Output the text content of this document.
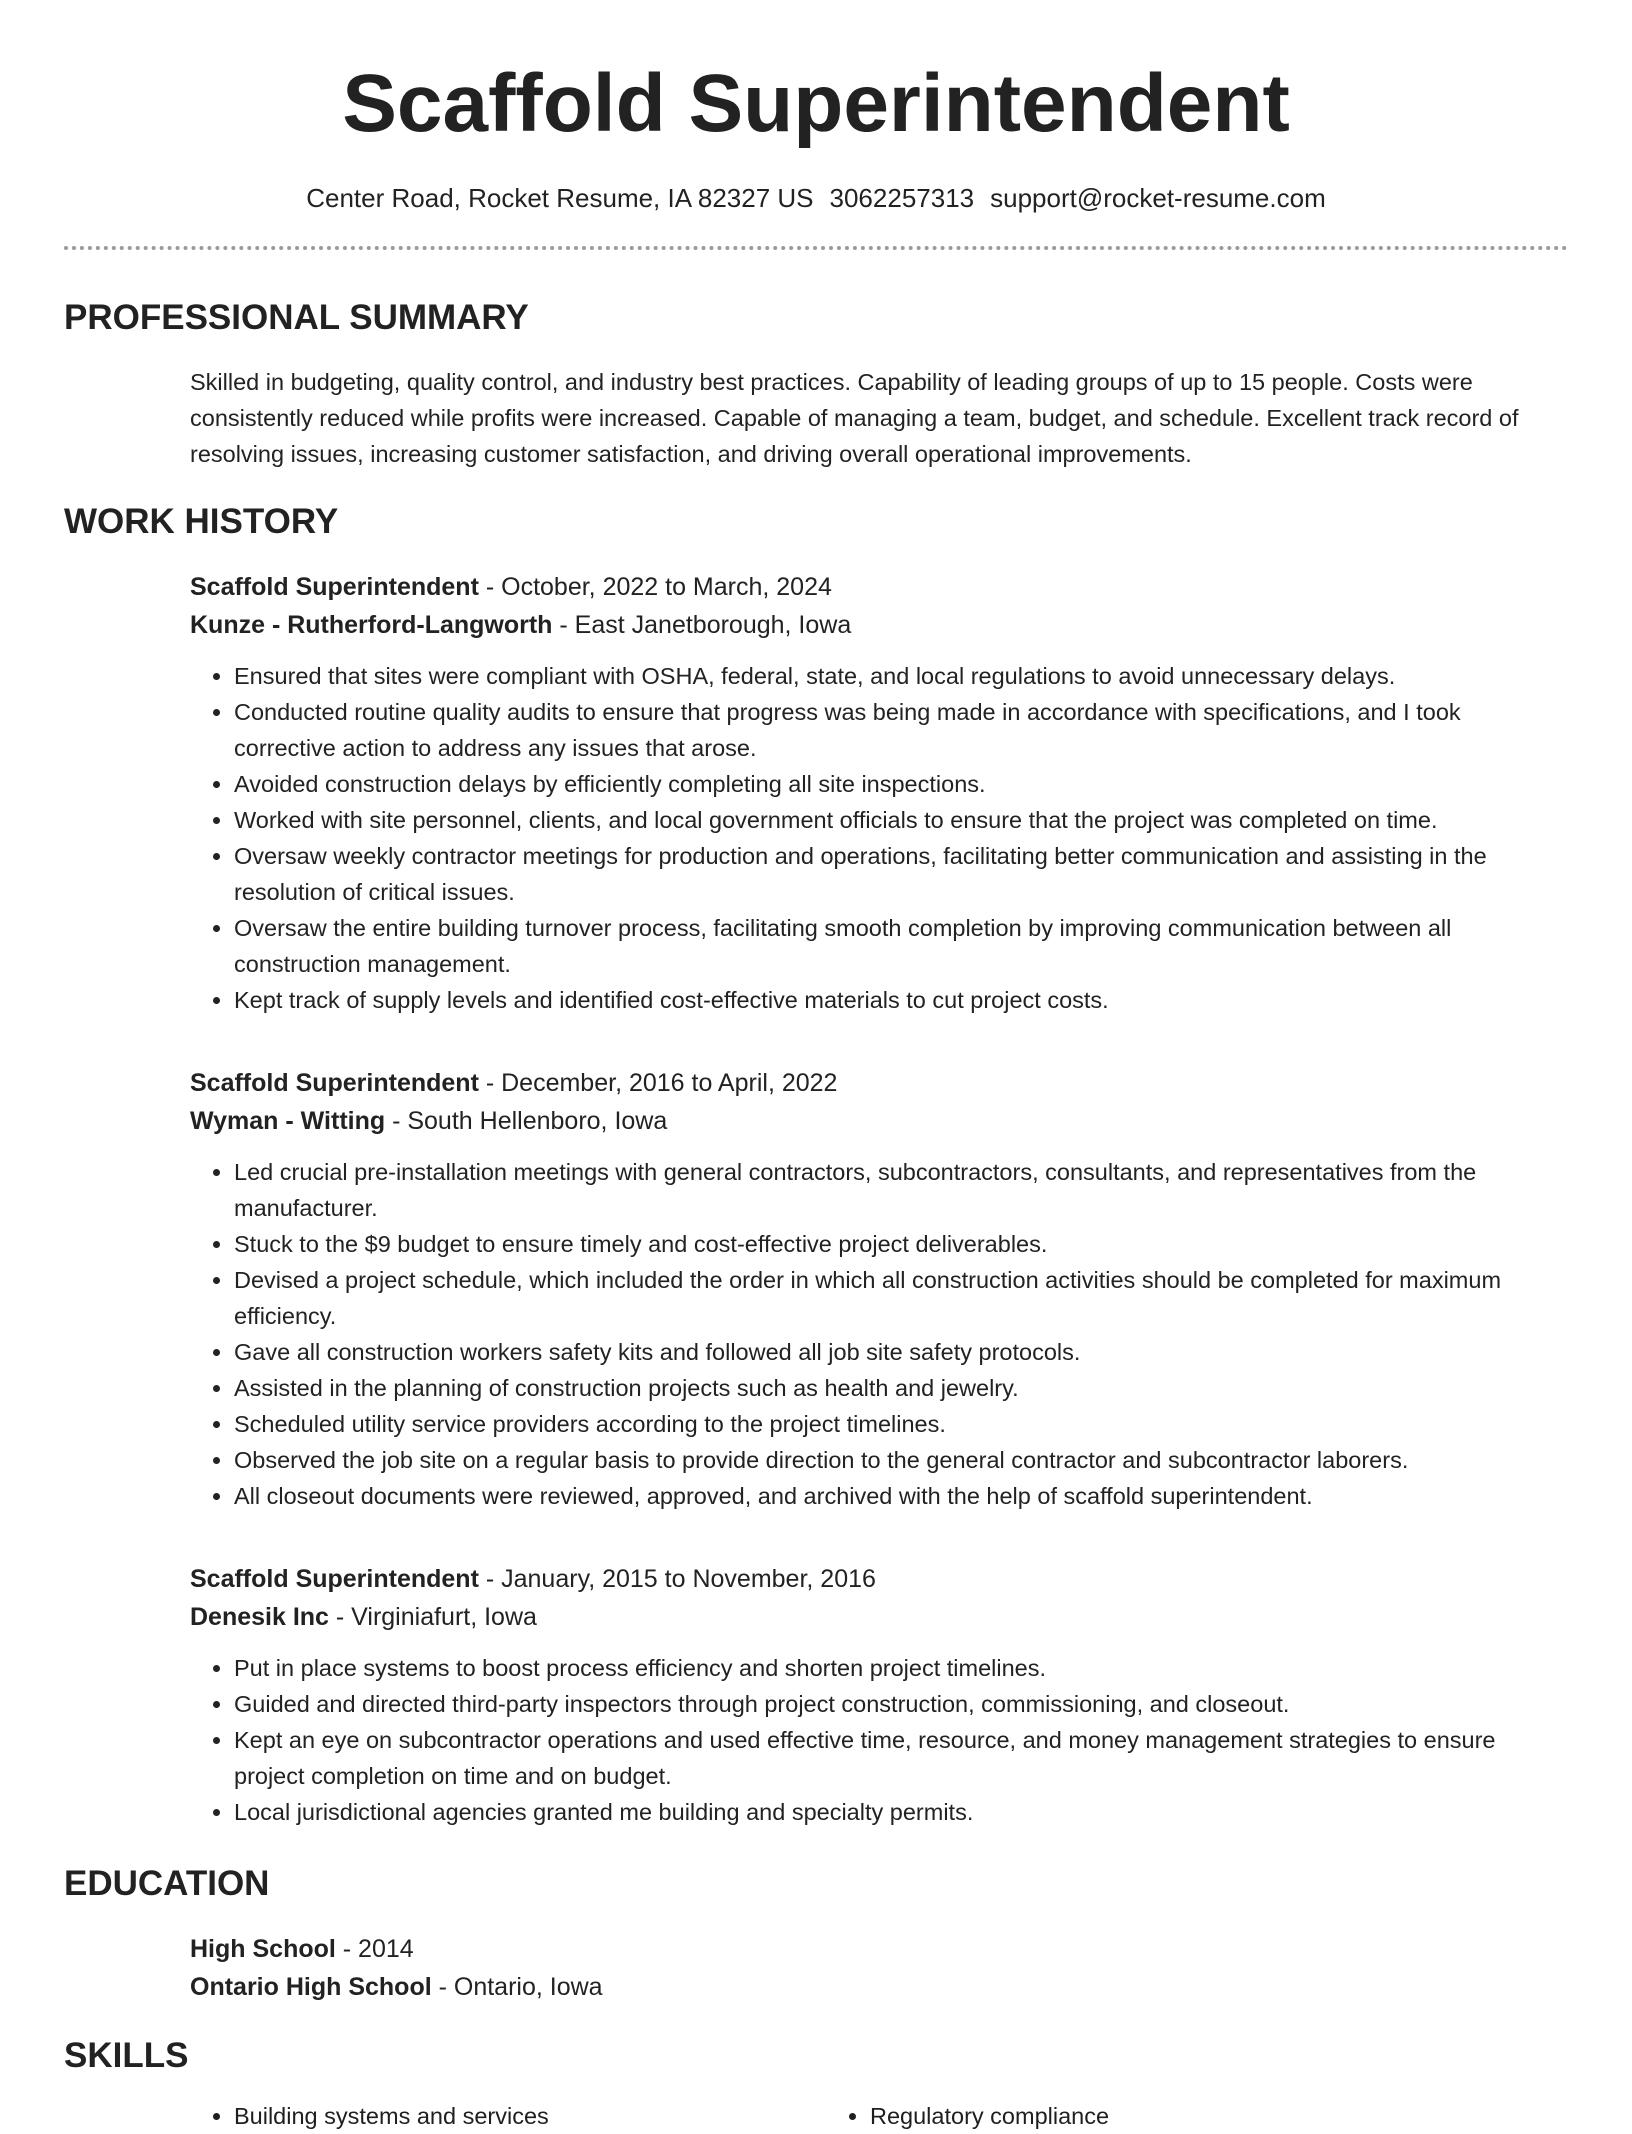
Scaffold Superintendent
Center Road, Rocket Resume, IA 82327 US 3062257313 support@rocket-resume.com
PROFESSIONAL SUMMARY
Skilled in budgeting, quality control, and industry best practices. Capability of leading groups of up to 15 people. Costs were consistently reduced while profits were increased. Capable of managing a team, budget, and schedule. Excellent track record of resolving issues, increasing customer satisfaction, and driving overall operational improvements.
WORK HISTORY
Scaffold Superintendent - October, 2022 to March, 2024
Kunze - Rutherford-Langworth - East Janetborough, Iowa
• Ensured that sites were compliant with OSHA, federal, state, and local regulations to avoid unnecessary delays.
• Conducted routine quality audits to ensure that progress was being made in accordance with specifications, and I took corrective action to address any issues that arose.
• Avoided construction delays by efficiently completing all site inspections.
• Worked with site personnel, clients, and local government officials to ensure that the project was completed on time.
• Oversaw weekly contractor meetings for production and operations, facilitating better communication and assisting in the resolution of critical issues.
• Oversaw the entire building turnover process, facilitating smooth completion by improving communication between all construction management.
• Kept track of supply levels and identified cost-effective materials to cut project costs.
Scaffold Superintendent - December, 2016 to April, 2022
Wyman - Witting - South Hellenboro, Iowa
• Led crucial pre-installation meetings with general contractors, subcontractors, consultants, and representatives from the manufacturer.
• Stuck to the $9 budget to ensure timely and cost-effective project deliverables.
• Devised a project schedule, which included the order in which all construction activities should be completed for maximum efficiency.
• Gave all construction workers safety kits and followed all job site safety protocols.
• Assisted in the planning of construction projects such as health and jewelry.
• Scheduled utility service providers according to the project timelines.
• Observed the job site on a regular basis to provide direction to the general contractor and subcontractor laborers.
• All closeout documents were reviewed, approved, and archived with the help of scaffold superintendent.
Scaffold Superintendent - January, 2015 to November, 2016
Denesik Inc - Virginiafurt, Iowa
• Put in place systems to boost process efficiency and shorten project timelines.
• Guided and directed third-party inspectors through project construction, commissioning, and closeout.
• Kept an eye on subcontractor operations and used effective time, resource, and money management strategies to ensure project completion on time and on budget.
• Local jurisdictional agencies granted me building and specialty permits.
EDUCATION
High School - 2014
Ontario High School - Ontario, Iowa
SKILLS
• Building systems and services
•	Regulatory compliance
